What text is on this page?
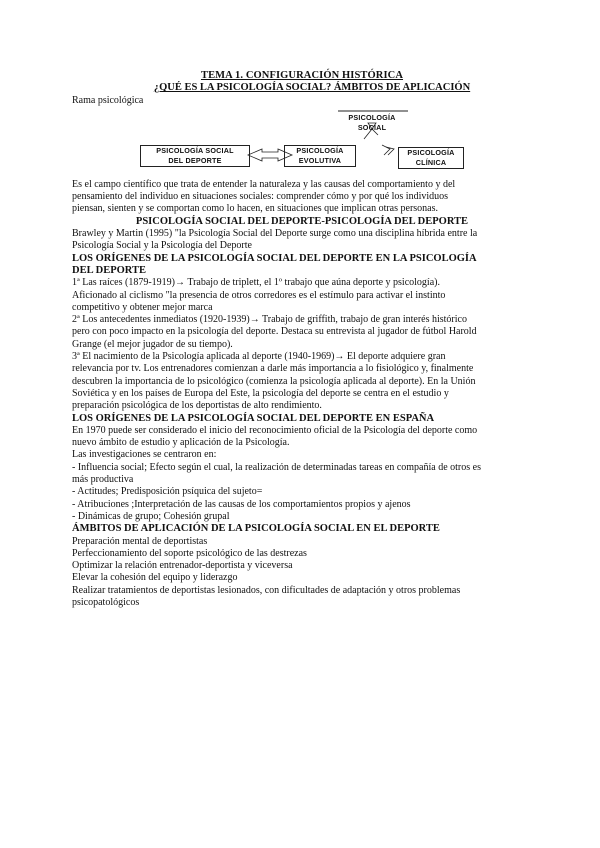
TEMA 1. CONFIGURACIÓN HISTÓRICA

¿QUÉ ES LA PSICOLOGÍA SOCIAL? ÁMBITOS DE APLICACIÓN

Rama psicológica

PSICOLOGÍA
SOCIAL
PSICOLOGÍA SOCIAL
DEL DEPORTE
PSICOLOGÍA
EVOLUTIVA
PSICOLOGÍA
CLÍNICA

Es el campo científico que trata de entender la naturaleza y las causas del comportamiento y del

pensamiento del individuo en situaciones sociales: comprender cómo y por qué los individuos

piensan, sienten y se comportan como lo hacen, en situaciones que implican otras personas.

PSICOLOGÍA SOCIAL DEL DEPORTE-PSICOLOGÍA DEL DEPORTE

Brawley y Martin (1995) "la Psicología Social del Deporte surge como una disciplina híbrida entre la

Psicología Social y la Psicología del Deporte

LOS ORÍGENES DE LA PSICOLOGÍA SOCIAL DEL DEPORTE EN LA PSICOLOGÍA

DEL DEPORTE

1ª Las raíces (1879-1919)→ Trabajo de triplett, el 1º trabajo que aúna deporte y psicología).

Aficionado al ciclismo "la presencia de otros corredores es el estímulo para activar el instinto

competitivo y obtener mejor marca

2ª Los antecedentes inmediatos (1920-1939)→ Trabajo de griffith, trabajo de gran interés histórico

pero con poco impacto en la psicología del deporte. Destaca su entrevista al jugador de fútbol Harold

Grange (el mejor jugador de su tiempo).

3ª El nacimiento de la Psicología aplicada al deporte (1940-1969)→ El deporte adquiere gran

relevancia por tv. Los entrenadores comienzan a darle más importancia a lo fisiológico y, finalmente

descubren la importancia de lo psicológico (comienza la psicología aplicada al deporte). En la Unión

Soviética y en los países de Europa del Este, la psicología del deporte se centra en el estudio y

preparación psicológica de los deportistas de alto rendimiento.

LOS ORÍGENES DE LA PSICOLOGÍA SOCIAL DEL DEPORTE EN ESPAÑA

En 1970 puede ser considerado el inicio del reconocimiento oficial de la Psicología del deporte como

nuevo ámbito de estudio y aplicación de la Psicología.

Las investigaciones se centraron en:

- Influencia social; Efecto según el cual, la realización de determinadas tareas en compañía de otros es

más productiva

- Actitudes; Predisposición psíquica del sujeto=

- Atribuciones ;Interpretación de las causas de los comportamientos propios y ajenos

- Dinámicas de grupo; Cohesión grupal

ÁMBITOS DE APLICACIÓN DE LA PSICOLOGÍA SOCIAL EN EL DEPORTE

Preparación mental de deportistas

Perfeccionamiento del soporte psicológico de las destrezas

Optimizar la relación entrenador-deportista y viceversa

Elevar la cohesión del equipo y liderazgo

Realizar tratamientos de deportistas lesionados, con dificultades de adaptación y otros problemas

psicopatológicos
